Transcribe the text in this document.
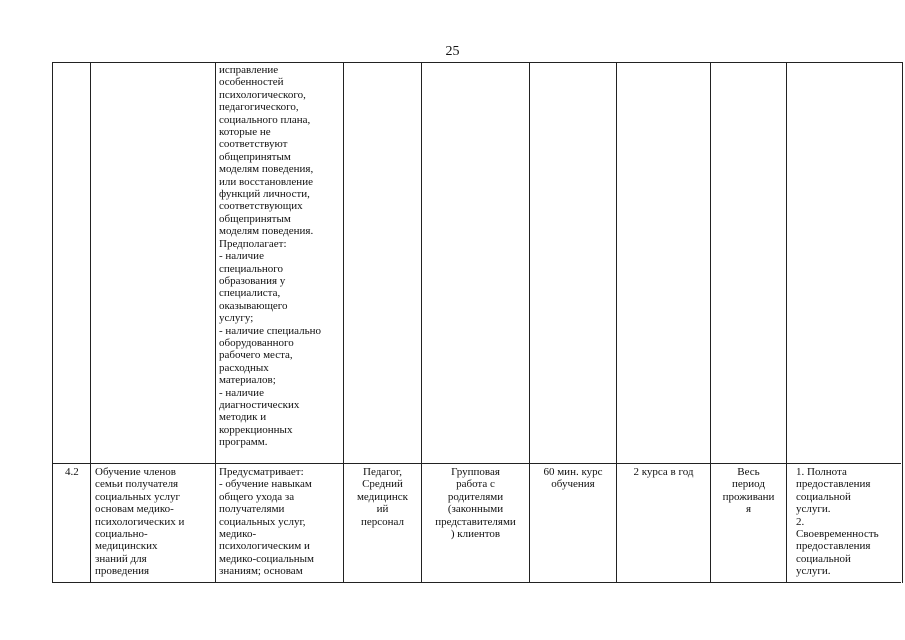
25
исправление
особенностей
психологического,
педагогического,
социального плана,
которые не
соответствуют
общепринятым
моделям поведения,
или восстановление
функций личности,
соответствующих
общепринятым
моделям поведения.
Предполагает:
- наличие
специального
образования у
специалиста,
оказывающего
услугу;
- наличие специально
оборудованного
рабочего места,
расходных
материалов;
- наличие
диагностических
методик и
коррекционных
программ.
4.2	Обучение членов
семьи получателя
социальных услуг
основам медико-
психологических и
социально-
медицинских
знаний для
проведения
Предусматривает:
- обучение навыкам
общего ухода за
получателями
социальных услуг,
медико-
психологическим и
медико-социальным
знаниям; основам
Педагог,
Средний
медицинск
ий
персонал
Групповая
работа с
родителями
(законными
представителями
) клиентов
60 мин. курс
обучения
2 курса в год	Весь
период
проживани
я
1. Полнота
предоставления
социальной
услуги.
2.
Своевременность
предоставления
социальной
услуги.
